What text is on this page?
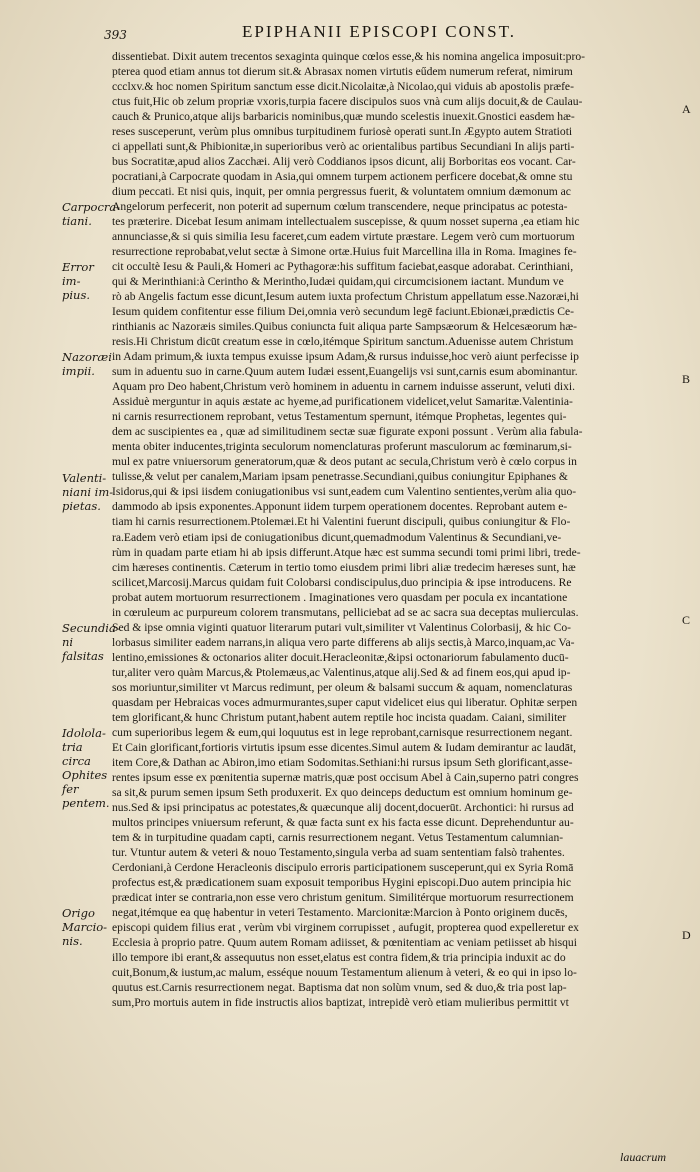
393	EPIPHANII EPISCOPI CONST.
Carpocra-
tiani.
Error im-
pius.
Nazoræi
impii.
Valenti-
niani im-
pietas.
Secundia-
ni falsitas
Idolola-
tria circa
Ophites fer
pentem.
Origo
Marcio-
nis.
dissentiebat. Dixit autem trecentos sexaginta quinque cœlos esse,& his nomina angelica imposuit:pro-
pterea quod etiam annus tot dierum sit.& Abrasax nomen virtutis eűdem numerum referat, nimirum
ccclxv.& hoc nomen Spiritum sanctum esse dicit.Nicolaitæ,à Nicolao,qui viduis ab apostolis præfe-
ctus fuit,Hic ob zelum propriæ vxoris,turpia facere discipulos suos vnà cum alijs docuit,& de Caulau-
cauch & Prunico,atque alijs barbaricis nominibus,quæ mundo scelestis inuexit.Gnostici easdem hæ-
reses susceperunt, verùm plus omnibus turpitudinem furiosè operati sunt.In Ægypto autem Stratioti
ci appellati sunt,& Phibionitæ,in superioribus verò ac orientalibus partibus Secundiani In alijs parti-
bus Socratitæ,apud alios Zacchæi. Alij verò Coddianos ipsos dicunt, alij Borboritas eos vocant. Car-
pocratiani,à Carpocrate quodam in Asia,qui omnem turpem actionem perficere docebat,& omne stu
dium peccati. Et nisi quis, inquit, per omnia pergressus fuerit, & voluntatem omnium dæmonum ac
Angelorum perfecerit, non poterit ad supernum cœlum transcendere, neque principatus ac potesta-
tes præterire. Dicebat Iesum animam intellectualem suscepisse, & quum nosset superna ,ea etiam hic
annunciasse,& si quis similia Iesu faceret,cum eadem virtute præstare. Legem verò cum mortuorum
resurrectione reprobabat,velut sectæ à Simone ortæ.Huius fuit Marcellina illa in Roma. Imagines fe-
cit occultè Iesu & Pauli,& Homeri ac Pythagoræ:his suffitum faciebat,easque adorabat. Cerinthiani,
qui & Merinthiani:à Cerintho & Merintho,Iudæi quidam,qui circumcisionem iactant. Mundum ve
rò ab Angelis factum esse dicunt,Iesum autem iuxta profectum Christum appellatum esse.Nazoræi,hi
Iesum quidem confitentur esse filium Dei,omnia verò secundum legē faciunt.Ebionæi,prædictis Ce-
rinthianis ac Nazoræis similes.Quibus coniuncta fuit aliqua parte Sampsæorum & Helcesæorum hæ-
resis.Hi Christum dicūt creatum esse in cœlo,itémque Spiritum sanctum.Aduenisse autem Christum
in Adam primum,& iuxta tempus exuisse ipsum Adam,& rursus induisse,hoc verò aiunt perfecisse ip
sum in aduentu suo in carne.Quum autem Iudæi essent,Euangelijs vsi sunt,carnis esum abominantur.
Aquam pro Deo habent,Christum verò hominem in aduentu in carnem induisse asserunt, veluti dixi.
Assiduè merguntur in aquis æstate ac hyeme,ad purificationem videlicet,velut Samaritæ.Valentinia-
ni carnis resurrectionem reprobant, vetus Testamentum spernunt, itémque Prophetas, legentes qui-
dem ac suscipientes ea , quæ ad similitudinem sectæ suæ figurate exponi possunt . Verùm alia fabula-
menta obiter inducentes,triginta seculorum nomenclaturas proferunt masculorum ac fœminarum,si-
mul ex patre vniuersorum generatorum,quæ & deos putant ac secula,Christum verò è cœlo corpus in
tulisse,& velut per canalem,Mariam ipsam penetrasse.Secundiani,quibus coniungitur Epiphanes &
Isidorus,qui & ipsi iisdem coniugationibus vsi sunt,eadem cum Valentino sentientes,verùm alia quo-
dammodo ab ipsis exponentes.Apponunt iidem turpem operationem docentes. Reprobant autem e-
tiam hi carnis resurrectionem.Ptolemæi.Et hi Valentini fuerunt discipuli, quibus coniungitur & Flo-
ra.Eadem verò etiam ipsi de coniugationibus dicunt,quemadmodum Valentinus & Secundiani,ve-
rùm in quadam parte etiam hi ab ipsis differunt.Atque hæc est summa secundi tomi primi libri, trede-
cim hæreses continentis. Cæterum in tertio tomo eiusdem primi libri aliæ tredecim hæreses sunt, hæ
scilicet,Marcosij.Marcus quidam fuit Colobarsi condiscipulus,duo principia & ipse introducens. Re
probat autem mortuorum resurrectionem . Imaginationes vero quasdam per pocula ex incantatione
in cœruleum ac purpureum colorem transmutans, pelliciebat ad se ac sacra sua deceptas mulierculas.
Sed & ipse omnia viginti quatuor literarum putari vult,similiter vt Valentinus Colorbasij, & hic Co-
lorbasus similiter eadem narrans,in aliqua vero parte differens ab alijs sectis,à Marco,inquam,ac Va-
lentino,emissiones & octonarios aliter docuit.Heracleonitæ,&ipsi octonariorum fabulamento ducū-
tur,aliter vero quàm Marcus,& Ptolemæus,ac Valentinus,atque alij.Sed & ad finem eos,qui apud ip-
sos moriuntur,similiter vt Marcus redimunt, per oleum & balsami succum & aquam, nomenclaturas
quasdam per Hebraicas voces admurmurantes,super caput videlicet eius qui liberatur. Ophitæ serpen
tem glorificant,& hunc Christum putant,habent autem reptile hoc incista quadam. Caiani, similiter
cum superioribus legem & eum,qui loquutus est in lege reprobant,carnisque resurrectionem negant.
Et Cain glorificant,fortioris virtutis ipsum esse dicentes.Simul autem & Iudam demirantur ac laudāt,
item Core,& Dathan ac Abiron,imo etiam Sodomitas.Sethiani:hi rursus ipsum Seth glorificant,asse-
rentes ipsum esse ex pœnitentia supernæ matris,quæ post occisum Abel à Cain,superno patri congres
sa sit,& purum semen ipsum Seth produxerit. Ex quo deinceps deductum est omnium hominum ge-
nus.Sed & ipsi principatus ac potestates,& quæcunque alij docent,docuerūt. Archontici: hi rursus ad
multos principes vniuersum referunt, & quæ facta sunt ex his facta esse dicunt. Deprehenduntur au-
tem & in turpitudine quadam capti, carnis resurrectionem negant. Vetus Testamentum calumnian-
tur. Vtuntur autem & veteri & nouo Testamento,singula verba ad suam sententiam falsò trahentes.
Cerdoniani,à Cerdone Heracleonis discipulo erroris participationem susceperunt,qui ex Syria Romā
profectus est,& prædicationem suam exposuit temporibus Hygini episcopi.Duo autem principia hic
prædicat inter se contraria,non esse vero christum genitum. Similitérque mortuorum resurrectionem
negat,itémque ea quę habentur in veteri Testamento. Marcionitæ:Marcion à Ponto originem ducēs,
episcopi quidem filius erat , verùm vbi virginem corrupisset , aufugit, propterea quod expelleretur ex
Ecclesia à proprio patre. Quum autem Romam adiisset, & pœnitentiam ac veniam petiisset ab hisqui
illo tempore ibi erant,& assequutus non esset,elatus est contra fidem,& tria principia induxit ac do
cuit,Bonum,& iustum,ac malum, esséque nouum Testamentum alienum à veteri, & eo qui in ipso lo-
quutus est.Carnis resurrectionem negat. Baptisma dat non solùm vnum, sed & duo,& tria post lap-
sum,Pro mortuis autem in fide instructis alios baptizat, intrepidè verò etiam mulieribus permittit vt
A
B
C
D
lauacrum
